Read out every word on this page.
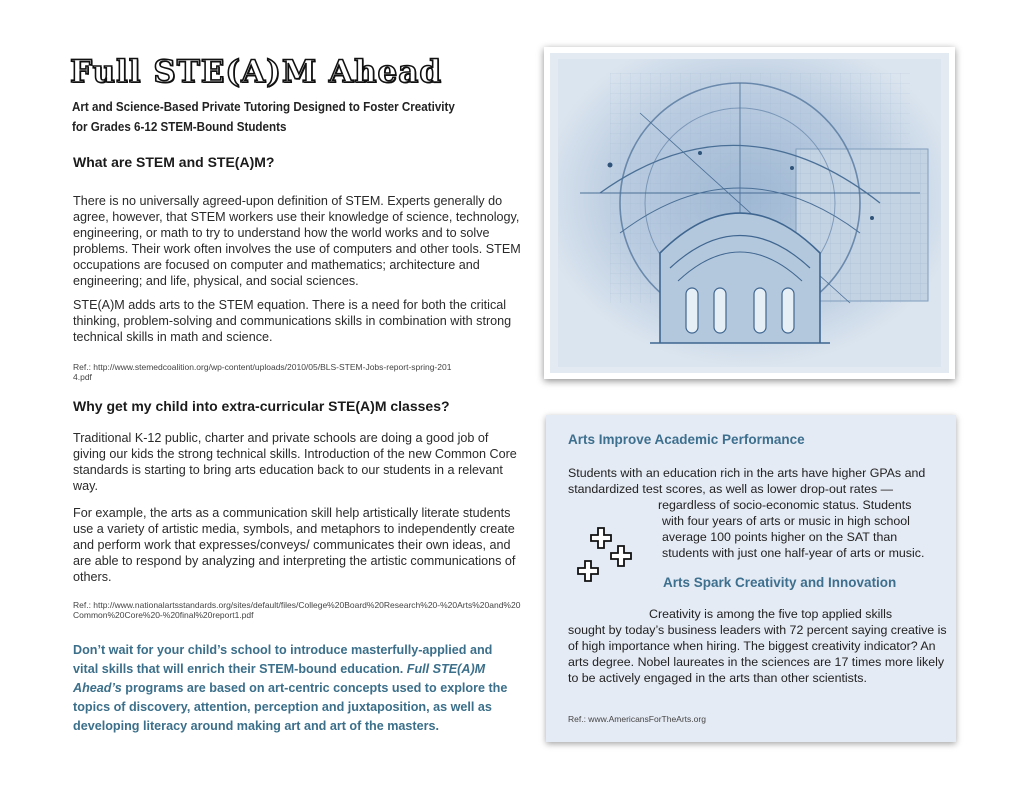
Full STE(A)M Ahead
Art and Science-Based Private Tutoring Designed to Foster Creativity for Grades 6-12 STEM-Bound Students
What are STEM and STE(A)M?

There is no universally agreed-upon definition of STEM. Experts generally do agree, however, that STEM workers use their knowledge of science, technology, engineering, or math to try to understand how the world works and to solve problems. Their work often involves the use of computers and other tools. STEM occupations are focused on computer and mathematics; architecture and engineering; and life, physical, and social sciences.

STE(A)M adds arts to the STEM equation. There is a need for both the critical thinking, problem-solving and communications skills in combination with strong technical skills in math and science.

Ref.: http://www.stemedcoalition.org/wp-content/uploads/2010/05/BLS-STEM-Jobs-report-spring-2014.pdf

Why get my child into extra-curricular STE(A)M classes?

Traditional K-12 public, charter and private schools are doing a good job of giving our kids the strong technical skills. Introduction of the new Common Core standards is starting to bring arts education back to our students in a relevant way.

For example, the arts as a communication skill help artistically literate students use a variety of artistic media, symbols, and metaphors to independently create and perform work that expresses/conveys/ communicates their own ideas, and are able to respond by analyzing and interpreting the artistic communications of others.

Ref.: http://www.nationalartsstandards.org/sites/default/files/College%20Board%20Research%20-%20Arts%20and%20Common%20Core%20-%20final%20report1.pdf

Don’t wait for your child’s school to introduce masterfully-applied and vital skills that will enrich their STEM-bound education. Full STE(A)M Ahead’s programs are based on art-centric concepts used to explore the topics of discovery, attention, perception and juxtaposition, as well as developing literacy around making art and art of the masters.

Arts Improve Academic Performance

Students with an education rich in the arts have higher GPAs and standardized test scores, as well as lower drop-out rates —

regardless of socio-economic status. Students

with four years of arts or music in high school

average 100 points higher on the SAT than

students with just one half-year of arts or music.

Arts Spark Creativity and Innovation

Creativity is among the five top applied skills

sought by today’s business leaders with 72 percent saying creative is of high importance when hiring. The biggest creativity indicator? An arts degree. Nobel laureates in the sciences are 17 times more likely to be actively engaged in the arts than other scientists.

Ref.: www.AmericansForTheArts.org
